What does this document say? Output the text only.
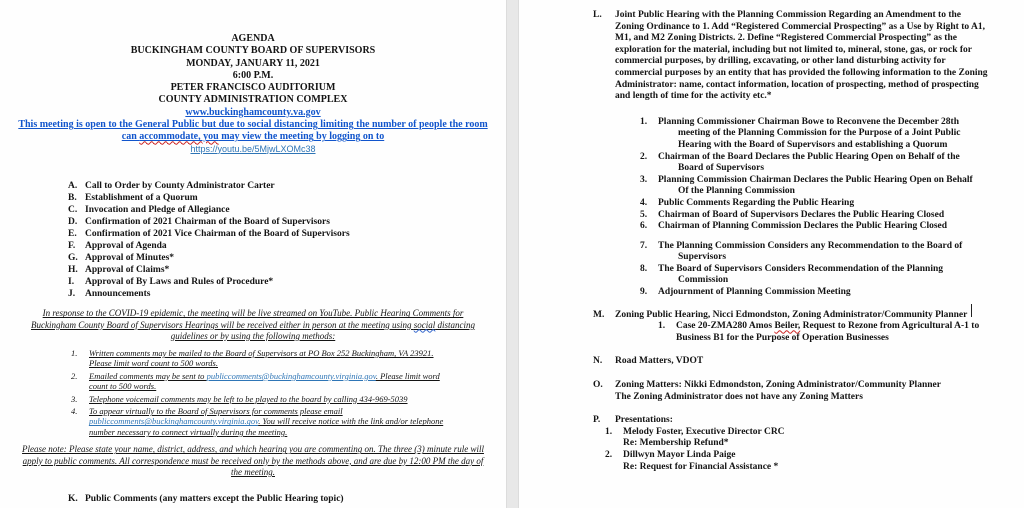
AGENDA
BUCKINGHAM COUNTY BOARD OF SUPERVISORS
MONDAY, JANUARY 11, 2021
6:00 P.M.
PETER FRANCISCO AUDITORIUM
COUNTY ADMINISTRATION COMPLEX
www.buckinghamcounty.va.gov
This meeting is open to the General Public but due to social distancing limiting the number of people the room can accommodate, you may view the meeting by logging on to
https://youtu.be/5MjwLXOMc38
A. Call to Order by County Administrator Carter
B. Establishment of a Quorum
C. Invocation and Pledge of Allegiance
D. Confirmation of 2021 Chairman of the Board of Supervisors
E. Confirmation of 2021 Vice Chairman of the Board of Supervisors
F. Approval of Agenda
G. Approval of Minutes*
H. Approval of Claims*
I. Approval of By Laws and Rules of Procedure*
J. Announcements
In response to the COVID-19 epidemic, the meeting will be live streamed on YouTube. Public Hearing Comments for Buckingham County Board of Supervisors Hearings will be received either in person at the meeting using social distancing guidelines or by using the following methods:
1. Written comments may be mailed to the Board of Supervisors at PO Box 252 Buckingham, VA 23921. Please limit word count to 500 words.
2. Emailed comments may be sent to publiccomments@buckinghamcounty.virginia.gov. Please limit word count to 500 words.
3. Telephone voicemail comments may be left to be played to the board by calling 434-969-5039
4. To appear virtually to the Board of Supervisors for comments please email publiccomments@buckinghamcounty.virginia.gov. You will receive notice with the link and/or telephone number necessary to connect virtually during the meeting.
Please note: Please state your name, district, address, and which hearing you are commenting on. The three (3) minute rule will apply to public comments. All correspondence must be received only by the methods above, and are due by 12:00 PM the day of the meeting.
K. Public Comments (any matters except the Public Hearing topic)
L. Joint Public Hearing with the Planning Commission Regarding an Amendment to the Zoning Ordinance to 1. Add “Registered Commercial Prospecting” as a Use by Right to A1, M1, and M2 Zoning Districts. 2. Define “Registered Commercial Prospecting” as the exploration for the material, including but not limited to, mineral, stone, gas, or rock for commercial purposes, by drilling, excavating, or other land disturbing activity for commercial purposes by an entity that has provided the following information to the Zoning Administrator: name, contact information, location of prospecting, method of prospecting and length of time for the activity etc.*
1. Planning Commissioner Chairman Bowe to Reconvene the December 28th meeting of the Planning Commission for the Purpose of a Joint Public Hearing with the Board of Supervisors and establishing a Quorum
2. Chairman of the Board Declares the Public Hearing Open on Behalf of the Board of Supervisors
3. Planning Commission Chairman Declares the Public Hearing Open on Behalf Of the Planning Commission
4. Public Comments Regarding the Public Hearing
5. Chairman of Board of Supervisors Declares the Public Hearing Closed
6. Chairman of Planning Commission Declares the Public Hearing Closed
7. The Planning Commission Considers any Recommendation to the Board of Supervisors
8. The Board of Supervisors Considers Recommendation of the Planning Commission
9. Adjournment of Planning Commission Meeting
M. Zoning Public Hearing, Nicci Edmondston, Zoning Administrator/Community Planner
1. Case 20-ZMA280 Amos Beiler, Request to Rezone from Agricultural A-1 to Business B1 for the Purpose of Operation Businesses
N. Road Matters, VDOT
O. Zoning Matters: Nikki Edmondston, Zoning Administrator/Community Planner
The Zoning Administrator does not have any Zoning Matters
P. Presentations:
1. Melody Foster, Executive Director CRC
Re: Membership Refund*
2. Dillwyn Mayor Linda Paige
Re: Request for Financial Assistance *
